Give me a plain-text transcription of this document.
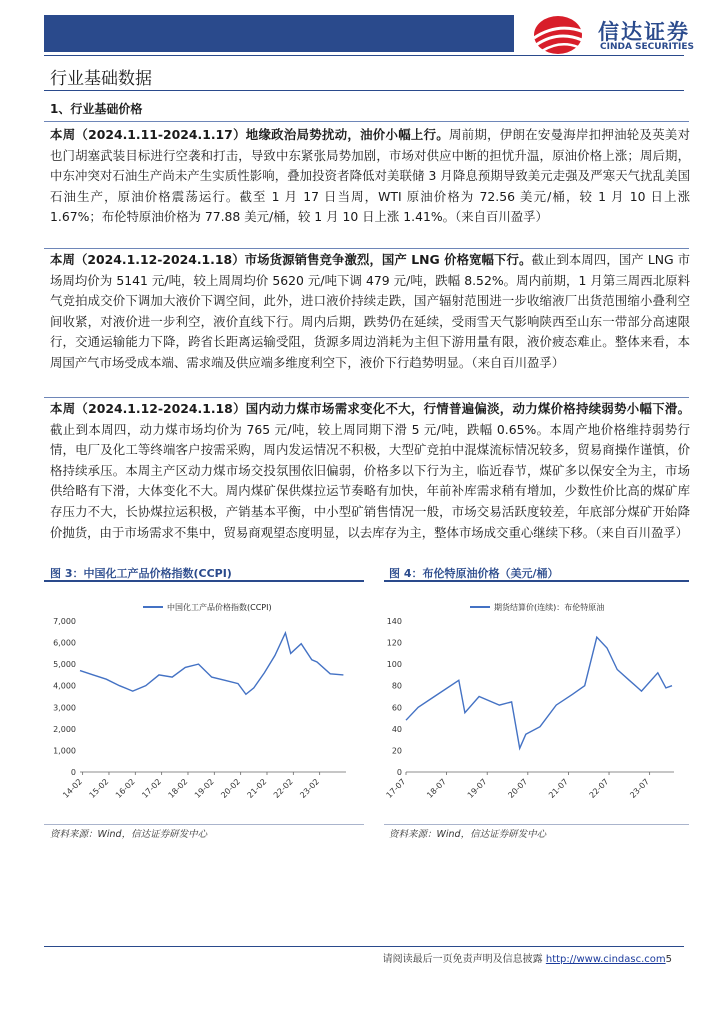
信达证券
CINDA SECURITIES
行业基础数据
1、行业基础价格
本周（2024.1.11-2024.1.17）地缘政治局势扰动，油价小幅上行。周前期，伊朗在安曼海岸扣押油轮及英美对也门胡塞武装目标进行空袭和打击，导致中东紧张局势加剧，市场对供应中断的担忧升温，原油价格上涨；周后期，中东冲突对石油生产尚未产生实质性影响，叠加投资者降低对美联储 3 月降息预期导致美元走强及严寒天气扰乱美国石油生产，原油价格震荡运行。截至 1 月 17 日当周，WTI 原油价格为 72.56 美元/桶，较 1 月 10 日上涨 1.67%；布伦特原油价格为 77.88 美元/桶，较 1 月 10 日上涨 1.41%。（来自百川盈孚）
本周（2024.1.12-2024.1.18）市场货源销售竞争激烈，国产 LNG 价格宽幅下行。截止到本周四，国产 LNG 市场周均价为 5141 元/吨，较上周周均价 5620 元/吨下调 479 元/吨，跌幅 8.52%。周内前期，1 月第三周西北原料气竞拍成交价下调加大液价下调空间，此外，进口液价持续走跌，国产辐射范围进一步收缩液厂出货范围缩小叠利空间收紧，对液价进一步利空，液价直线下行。周内后期，跌势仍在延续，受雨雪天气影响陕西至山东一带部分高速限行，交通运输能力下降，跨省长距离运输受阻，货源多周边消耗为主但下游用量有限，液价疲态难止。整体来看，本周国产气市场受成本端、需求端及供应端多维度利空下，液价下行趋势明显。（来自百川盈孚）
本周（2024.1.12-2024.1.18）国内动力煤市场需求变化不大，行情普遍偏淡，动力煤价格持续弱势小幅下滑。截止到本周四，动力煤市场均价为 765 元/吨，较上周同期下滑 5 元/吨，跌幅 0.65%。本周产地价格维持弱势行情，电厂及化工等终端客户按需采购，周内发运情况不积极，大型矿竞拍中混煤流标情况较多，贸易商操作谨慎，价格持续承压。本周主产区动力煤市场交投氛围依旧偏弱，价格多以下行为主，临近春节，煤矿多以保安全为主，市场供给略有下滑，大体变化不大。周内煤矿保供煤拉运节奏略有加快，年前补库需求稍有增加，少数性价比高的煤矿库存压力不大，长协煤拉运积极，产销基本平衡，中小型矿销售情况一般，市场交易活跃度较差，年底部分煤矿开始降价抛货，由于市场需求不集中，贸易商观望态度明显，以去库存为主，整体市场成交重心继续下移。（来自百川盈孚）
图 3：中国化工产品价格指数(CCPI)
0
1,000
2,000
3,000
4,000
5,000
6,000
7,000
14-02 15-02 16-02 17-02 18-02 19-02 20-02 21-02 22-02 23-02
中国化工产品价格指数(CCPI)
资料来源：Wind，信达证券研发中心
图 4：布伦特原油价格（美元/桶）
0
20
40
60
80
100
120
140
17-07 18-07 19-07 20-07 21-07 22-07 23-07
期货结算价(连续)：布伦特原油
资料来源：Wind，信达证券研发中心
请阅读最后一页免责声明及信息披露 http://www.cindasc.com5
